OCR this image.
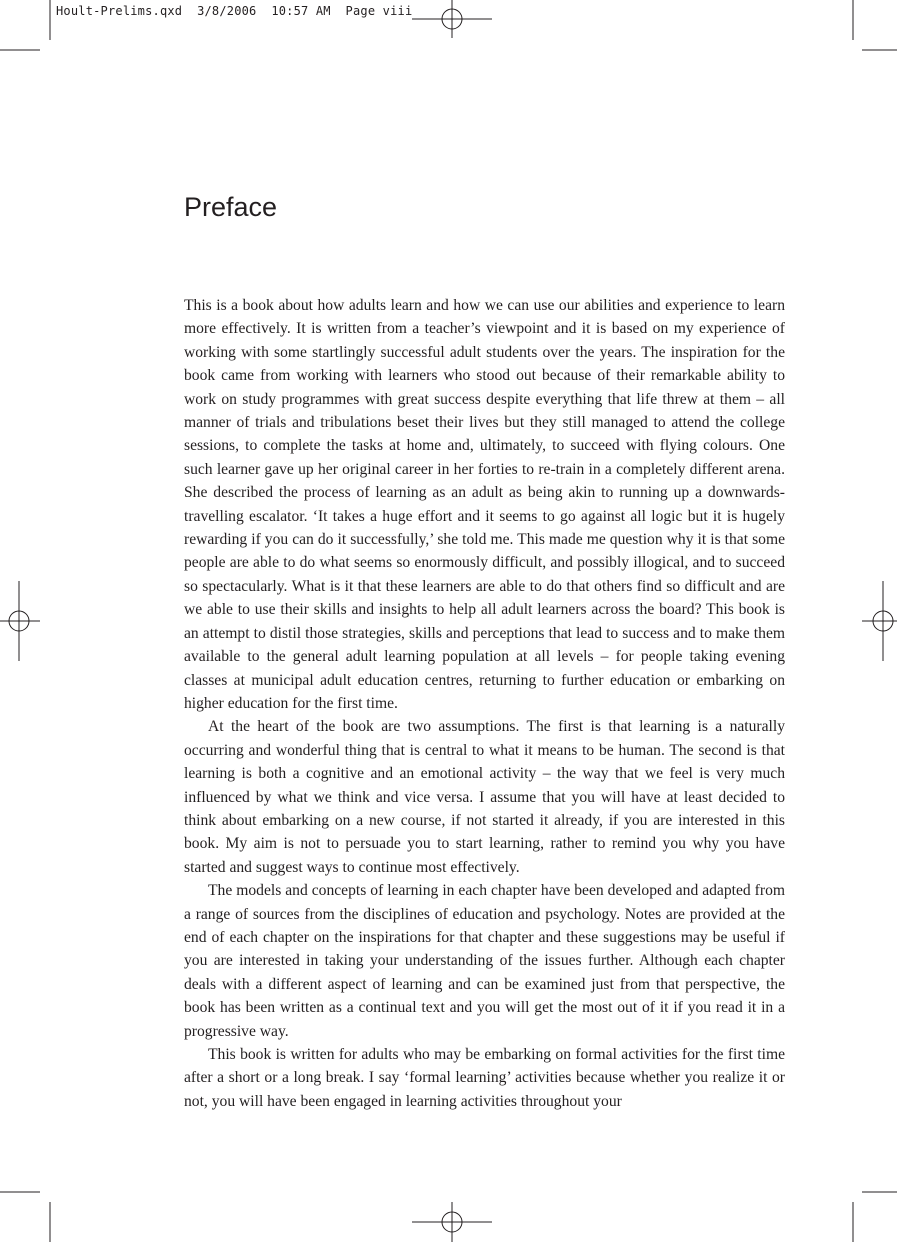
Hoult-Prelims.qxd  3/8/2006  10:57 AM  Page viii
Preface

This is a book about how adults learn and how we can use our abilities and experience to learn more effectively. It is written from a teacher’s viewpoint and it is based on my experience of working with some startlingly successful adult students over the years. The inspiration for the book came from working with learners who stood out because of their remarkable ability to work on study programmes with great success despite everything that life threw at them – all manner of trials and tribulations beset their lives but they still managed to attend the college sessions, to complete the tasks at home and, ultimately, to succeed with flying colours. One such learner gave up her original career in her forties to re-train in a completely different arena. She described the process of learning as an adult as being akin to running up a downwards-travelling escalator. ‘It takes a huge effort and it seems to go against all logic but it is hugely rewarding if you can do it successfully,’ she told me. This made me question why it is that some people are able to do what seems so enormously difficult, and possibly illogical, and to succeed so spectacularly. What is it that these learners are able to do that others find so difficult and are we able to use their skills and insights to help all adult learners across the board? This book is an attempt to distil those strategies, skills and perceptions that lead to success and to make them available to the general adult learning population at all levels – for people taking evening classes at municipal adult education centres, returning to further education or embarking on higher education for the first time.

At the heart of the book are two assumptions. The first is that learning is a naturally occurring and wonderful thing that is central to what it means to be human. The second is that learning is both a cognitive and an emotional activity – the way that we feel is very much influenced by what we think and vice versa. I assume that you will have at least decided to think about embarking on a new course, if not started it already, if you are interested in this book. My aim is not to persuade you to start learning, rather to remind you why you have started and suggest ways to continue most effectively.

The models and concepts of learning in each chapter have been developed and adapted from a range of sources from the disciplines of education and psychology. Notes are provided at the end of each chapter on the inspirations for that chapter and these suggestions may be useful if you are interested in taking your understanding of the issues further. Although each chapter deals with a different aspect of learning and can be examined just from that perspective, the book has been written as a continual text and you will get the most out of it if you read it in a progressive way.

This book is written for adults who may be embarking on formal activities for the first time after a short or a long break. I say ‘formal learning’ activities because whether you realize it or not, you will have been engaged in learning activities throughout your
